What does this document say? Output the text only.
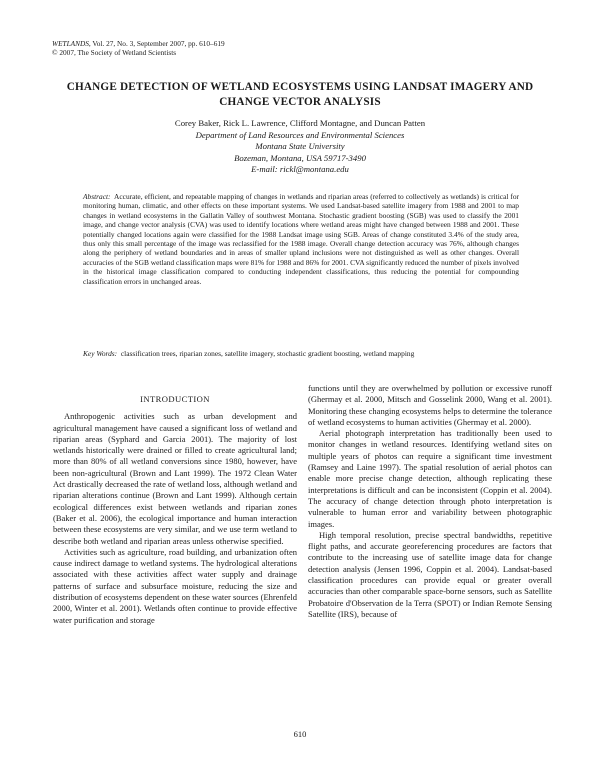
WETLANDS, Vol. 27, No. 3, September 2007, pp. 610–619
© 2007, The Society of Wetland Scientists
CHANGE DETECTION OF WETLAND ECOSYSTEMS USING LANDSAT IMAGERY AND CHANGE VECTOR ANALYSIS
Corey Baker, Rick L. Lawrence, Clifford Montagne, and Duncan Patten
Department of Land Resources and Environmental Sciences
Montana State University
Bozeman, Montana, USA 59717-3490
E-mail: rickl@montana.edu
Abstract: Accurate, efficient, and repeatable mapping of changes in wetlands and riparian areas (referred to collectively as wetlands) is critical for monitoring human, climatic, and other effects on these important systems. We used Landsat-based satellite imagery from 1988 and 2001 to map changes in wetland ecosystems in the Gallatin Valley of southwest Montana. Stochastic gradient boosting (SGB) was used to classify the 2001 image, and change vector analysis (CVA) was used to identify locations where wetland areas might have changed between 1988 and 2001. These potentially changed locations again were classified for the 1988 Landsat image using SGB. Areas of change constituted 3.4% of the study area, thus only this small percentage of the image was reclassified for the 1988 image. Overall change detection accuracy was 76%, although changes along the periphery of wetland boundaries and in areas of smaller upland inclusions were not distinguished as well as other changes. Overall accuracies of the SGB wetland classification maps were 81% for 1988 and 86% for 2001. CVA significantly reduced the number of pixels involved in the historical image classification compared to conducting independent classifications, thus reducing the potential for compounding classification errors in unchanged areas.
Key Words: classification trees, riparian zones, satellite imagery, stochastic gradient boosting, wetland mapping
INTRODUCTION

Anthropogenic activities such as urban development and agricultural management have caused a significant loss of wetland and riparian areas (Syphard and Garcia 2001). The majority of lost wetlands historically were drained or filled to create agricultural land; more than 80% of all wetland conversions since 1980, however, have been non-agricultural (Brown and Lant 1999). The 1972 Clean Water Act drastically decreased the rate of wetland loss, although wetland and riparian alterations continue (Brown and Lant 1999). Although certain ecological differences exist between wetlands and riparian zones (Baker et al. 2006), the ecological importance and human interaction between these ecosystems are very similar, and we use term wetland to describe both wetland and riparian areas unless otherwise specified.

Activities such as agriculture, road building, and urbanization often cause indirect damage to wetland systems. The hydrological alterations associated with these activities affect water supply and drainage patterns of surface and subsurface moisture, reducing the size and distribution of ecosystems dependent on these water sources (Ehrenfeld 2000, Winter et al. 2001). Wetlands often continue to provide effective water purification and storage

functions until they are overwhelmed by pollution or excessive runoff (Ghermay et al. 2000, Mitsch and Gosselink 2000, Wang et al. 2001). Monitoring these changing ecosystems helps to determine the tolerance of wetland ecosystems to human activities (Ghermay et al. 2000).

Aerial photograph interpretation has traditionally been used to monitor changes in wetland resources. Identifying wetland sites on multiple years of photos can require a significant time investment (Ramsey and Laine 1997). The spatial resolution of aerial photos can enable more precise change detection, although replicating these interpretations is difficult and can be inconsistent (Coppin et al. 2004). The accuracy of change detection through photo interpretation is vulnerable to human error and variability between photographic images.

High temporal resolution, precise spectral bandwidths, repetitive flight paths, and accurate georeferencing procedures are factors that contribute to the increasing use of satellite image data for change detection analysis (Jensen 1996, Coppin et al. 2004). Landsat-based classification procedures can provide equal or greater overall accuracies than other comparable space-borne sensors, such as Satellite Probatoire d'Observation de la Terra (SPOT) or Indian Remote Sensing Satellite (IRS), because of

610
